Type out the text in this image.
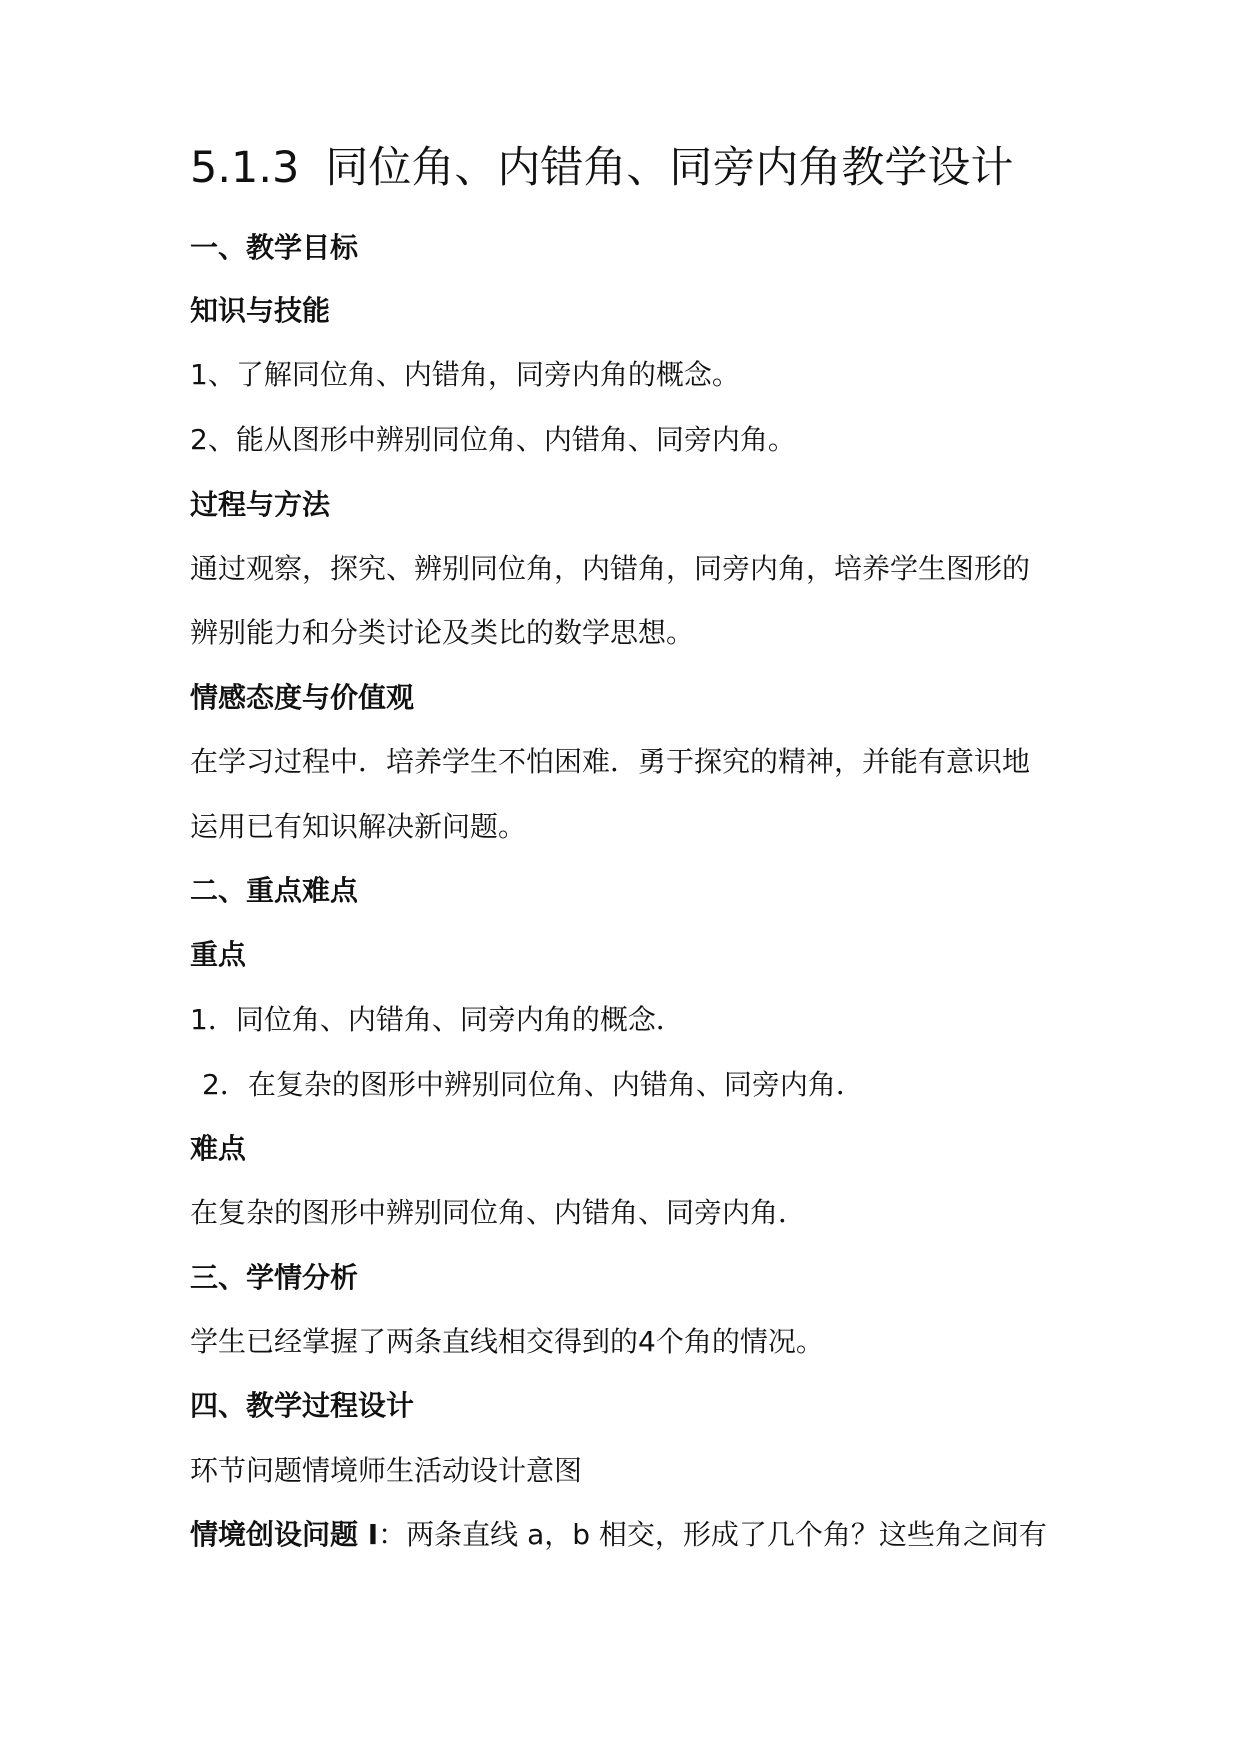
5.1.3 同位角、内错角、同旁内角教学设计
一、教学目标
知识与技能
1、了解同位角、内错角，同旁内角的概念。
2、能从图形中辨别同位角、内错角、同旁内角。
过程与方法
通过观察，探究、辨别同位角，内错角，同旁内角，培养学生图形的
辨别能力和分类讨论及类比的数学思想。
情感态度与价值观
在学习过程中．培养学生不怕困难．勇于探究的精神，并能有意识地
运用已有知识解决新问题。
二、重点难点
重点
1．同位角、内错角、同旁内角的概念．
2．在复杂的图形中辨别同位角、内错角、同旁内角．
难点
在复杂的图形中辨别同位角、内错角、同旁内角．
三、学情分析
学生已经掌握了两条直线相交得到的4个角的情况。
四、教学过程设计
环节问题情境师生活动设计意图
情境创设问题 I：两条直线 a，b 相交，形成了几个角？这些角之间有
